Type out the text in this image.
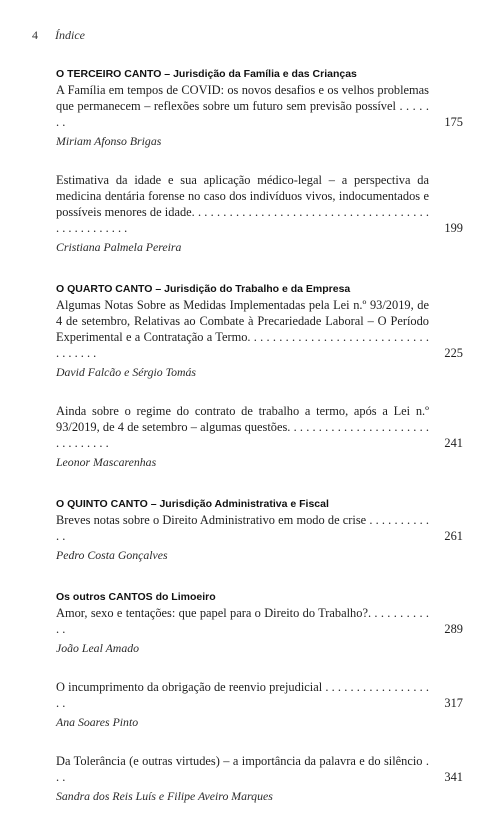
4 Índice
O TERCEIRO CANTO – Jurisdição da Família e das Crianças
A Família em tempos de COVID: os novos desafios e os velhos problemas que permanecem – reflexões sobre um futuro sem previsão possível . . . . . . .	175
Miriam Afonso Brigas
Estimativa da idade e sua aplicação médico-legal – a perspectiva da medicina dentária forense no caso dos indivíduos vivos, indocumentados e possíveis menores de idade. . . . . . . . . . . . . . . . . . . . . . . . . . . . . . . . . . . . . . . . . . . . . . . . . .	199
Cristiana Palmela Pereira
O QUARTO CANTO – Jurisdição do Trabalho e da Empresa
Algumas Notas Sobre as Medidas Implementadas pela Lei n.º 93/2019, de 4 de setembro, Relativas ao Combate à Precariedade Laboral – O Período Experimental e a Contratação a Termo. . . . . . . . . . . . . . . . . . . . . . . . . . . . . . . . . . . .	225
David Falcão e Sérgio Tomás
Ainda sobre o regime do contrato de trabalho a termo, após a Lei n.º 93/2019, de 4 de setembro – algumas questões. . . . . . . . . . . . . . . . . . . . . . . . . . . . . . . .	241
Leonor Mascarenhas
O QUINTO CANTO – Jurisdição Administrativa e Fiscal
Breves notas sobre o Direito Administrativo em modo de crise . . . . . . . . . . . .	261
Pedro Costa Gonçalves
Os outros CANTOS do Limoeiro
Amor, sexo e tentações: que papel para o Direito do Trabalho?. . . . . . . . . . . .	289
João Leal Amado
O incumprimento da obrigação de reenvio prejudicial . . . . . . . . . . . . . . . . . . .	317
Ana Soares Pinto
Da Tolerância (e outras virtudes) – a importância da palavra e do silêncio . . .	341
Sandra dos Reis Luís e Filipe Aveiro Marques
